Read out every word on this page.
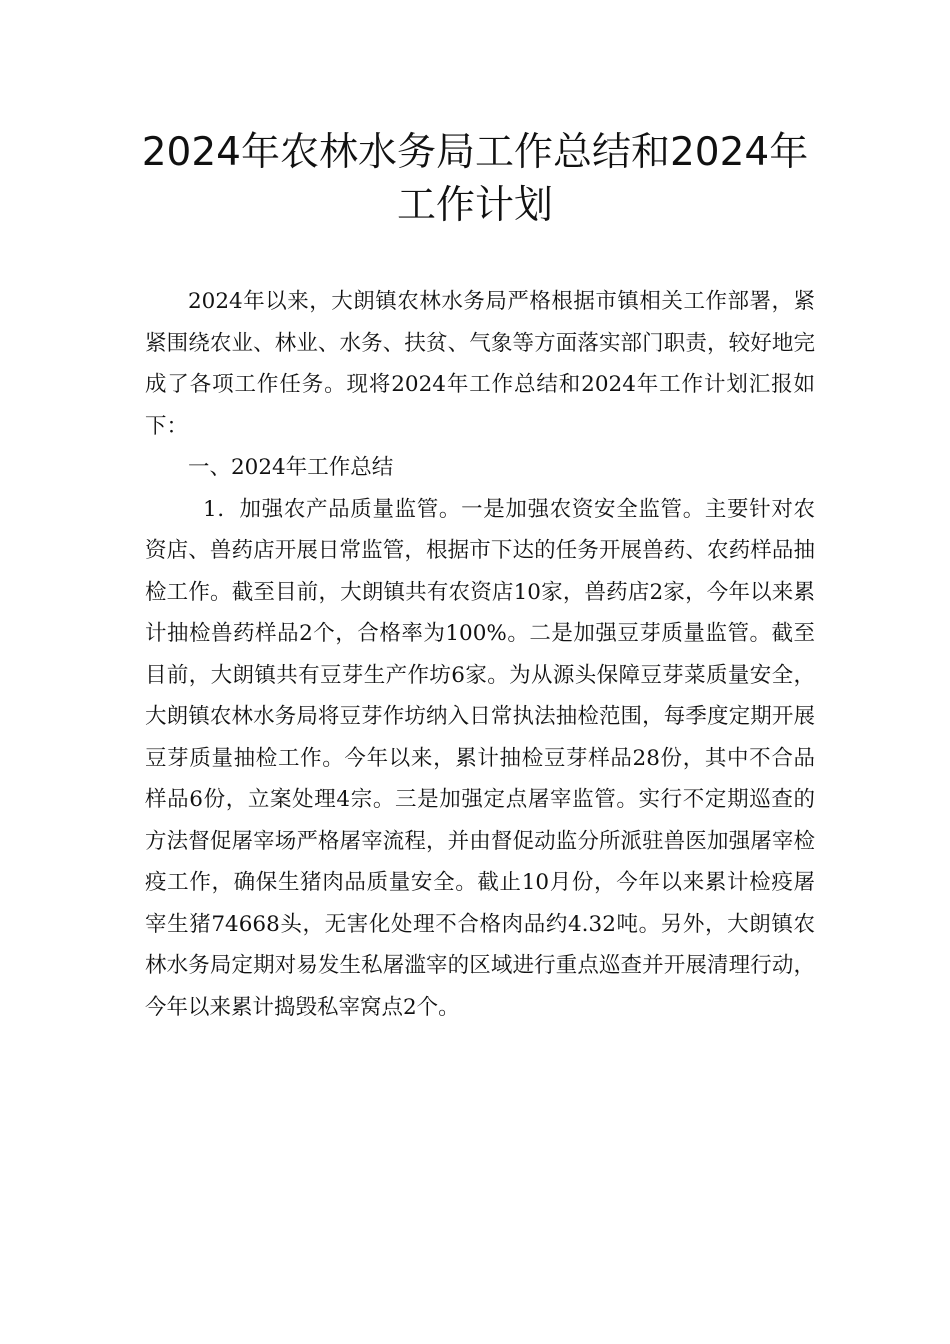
2024年农林水务局工作总结和2024年
工作计划

2024年以来，大朗镇农林水务局严格根据市镇相关工作部署，紧紧围绕农业、林业、水务、扶贫、气象等方面落实部门职责，较好地完成了各项工作任务。现将2024年工作总结和2024年工作计划汇报如下：

一、2024年工作总结

1．加强农产品质量监管。一是加强农资安全监管。主要针对农资店、兽药店开展日常监管，根据市下达的任务开展兽药、农药样品抽检工作。截至目前，大朗镇共有农资店10家，兽药店2家，今年以来累计抽检兽药样品2个，合格率为100%。二是加强豆芽质量监管。截至目前，大朗镇共有豆芽生产作坊6家。为从源头保障豆芽菜质量安全，大朗镇农林水务局将豆芽作坊纳入日常执法抽检范围，每季度定期开展豆芽质量抽检工作。今年以来，累计抽检豆芽样品28份，其中不合品样品6份，立案处理4宗。三是加强定点屠宰监管。实行不定期巡查的方法督促屠宰场严格屠宰流程，并由督促动监分所派驻兽医加强屠宰检疫工作，确保生猪肉品质量安全。截止10月份，今年以来累计检疫屠宰生猪74668头，无害化处理不合格肉品约4.32吨。另外，大朗镇农林水务局定期对易发生私屠滥宰的区域进行重点巡查并开展清理行动，今年以来累计捣毁私宰窝点2个。
